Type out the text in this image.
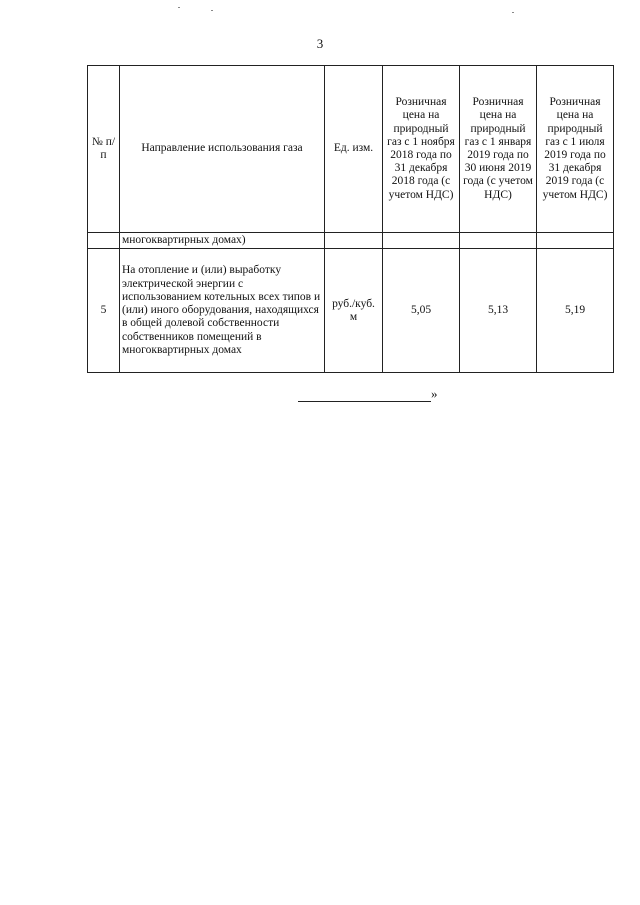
3
№ п/п	Направление использования газа	Ед. изм.	Розничная цена на природный газ с 1 ноября 2018 года по 31 декабря 2018 года (с учетом НДС)	Розничная цена на природный газ с 1 января 2019 года по 30 июня 2019 года (с учетом НДС)	Розничная цена на природный газ с 1 июля 2019 года по 31 декабря 2019 года (с учетом НДС)
	многоквартирных домах)				
5	На отопление и (или) выработку электрической энергии с использованием котельных всех типов и (или) иного оборудования, находящихся в общей долевой собственности собственников помещений в многоквартирных домах	руб./куб. м	5,05	5,13	5,19
»
